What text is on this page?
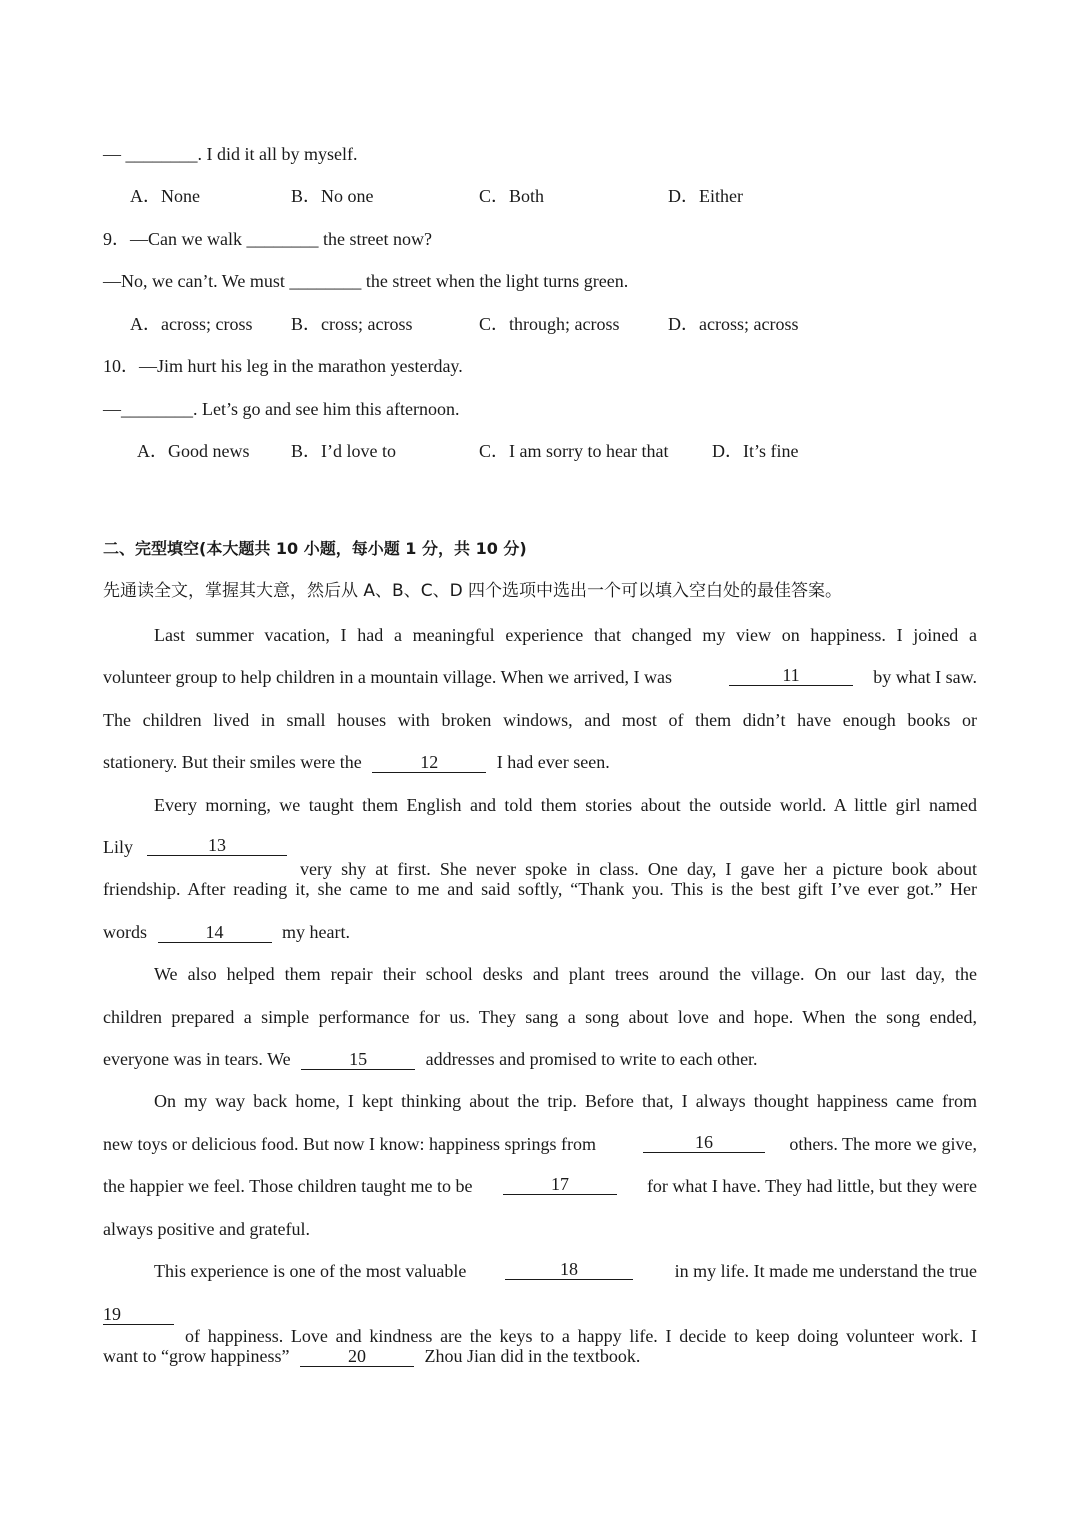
— ________. I did it all by myself.
A．None	B．No one	C．Both	D．Either
9．—Can we walk ________ the street now?
—No, we can’t. We must ________ the street when the light turns green.
A．across; cross B．cross; across	C．through; across	D．across; across
10．—Jim hurt his leg in the marathon yesterday.
—________. Let’s go and see him this afternoon.
A．Good news B．I’d love to	C．I am sorry to hear that D．It’s fine
二、完型填空(本大题共 10 小题，每小题 1 分，共 10 分)
先通读全文，掌握其大意，然后从 A、B、C、D 四个选项中选出一个可以填入空白处的最佳答案。
Last summer vacation, I had a meaningful experience that changed my view on happiness. I joined a
volunteer group to help children in a mountain village. When we arrived, I was	11	by what I saw.
The children lived in small houses with broken windows, and most of them didn’t have enough books or
stationery. But their smiles were the	12	I had ever seen.
Every morning, we taught them English and told them stories about the outside world. A little girl named
Lily	13
very shy at first. She never spoke in class. One day, I gave her a picture book about
friendship. After reading it, she came to me and said softly, “Thank you. This is the best gift I’ve ever got.” Her
words	14	my heart.
We also helped them repair their school desks and plant trees around the village. On our last day, the
children prepared a simple performance for us. They sang a song about love and hope. When the song ended,
everyone was in tears. We	15	addresses and promised to write to each other.
On my way back home, I kept thinking about the trip. Before that, I always thought happiness came from
new toys or delicious food. But now I know: happiness springs from	16	others. The more we give,
the happier we feel. Those children taught me to be	17	for what I have. They had little, but they were
always positive and grateful.
This experience is one of the most valuable	18	in my life. It made me understand the true
19
of happiness. Love and kindness are the keys to a happy life. I decide to keep doing volunteer work. I
want to “grow happiness”	20	Zhou Jian did in the textbook.
